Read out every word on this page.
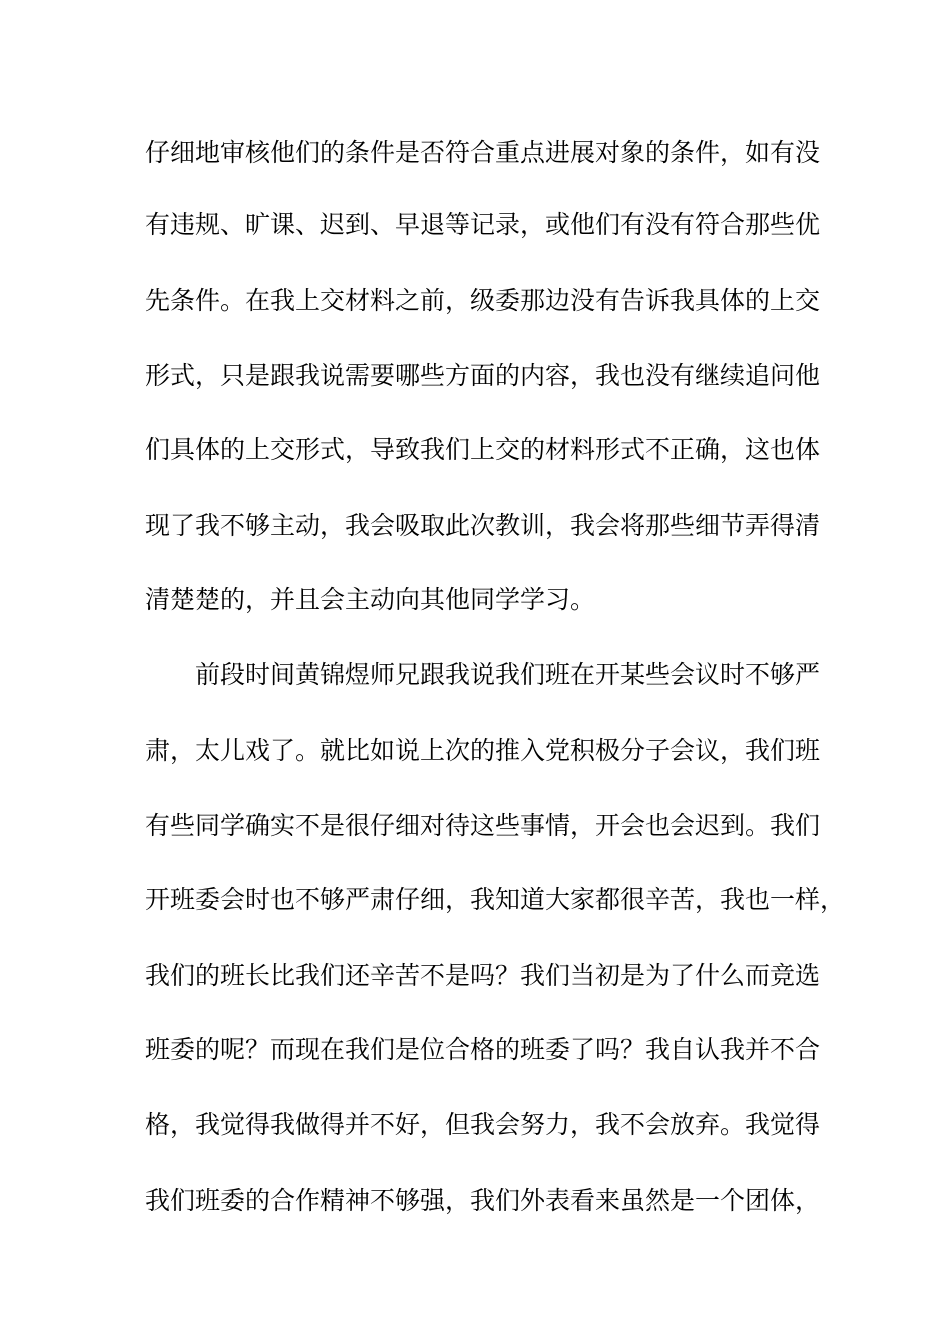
仔细地审核他们的条件是否符合重点进展对象的条件，如有没
有违规、旷课、迟到、早退等记录，或他们有没有符合那些优
先条件。在我上交材料之前，级委那边没有告诉我具体的上交
形式，只是跟我说需要哪些方面的内容，我也没有继续追问他
们具体的上交形式，导致我们上交的材料形式不正确，这也体
现了我不够主动，我会吸取此次教训，我会将那些细节弄得清
清楚楚的，并且会主动向其他同学学习。
前段时间黄锦煜师兄跟我说我们班在开某些会议时不够严
肃，太儿戏了。就比如说上次的推入党积极分子会议，我们班
有些同学确实不是很仔细对待这些事情，开会也会迟到。我们
开班委会时也不够严肃仔细，我知道大家都很辛苦，我也一样，
我们的班长比我们还辛苦不是吗？我们当初是为了什么而竞选
班委的呢？而现在我们是位合格的班委了吗？我自认我并不合
格，我觉得我做得并不好，但我会努力，我不会放弃。我觉得
我们班委的合作精神不够强，我们外表看来虽然是一个团体，
